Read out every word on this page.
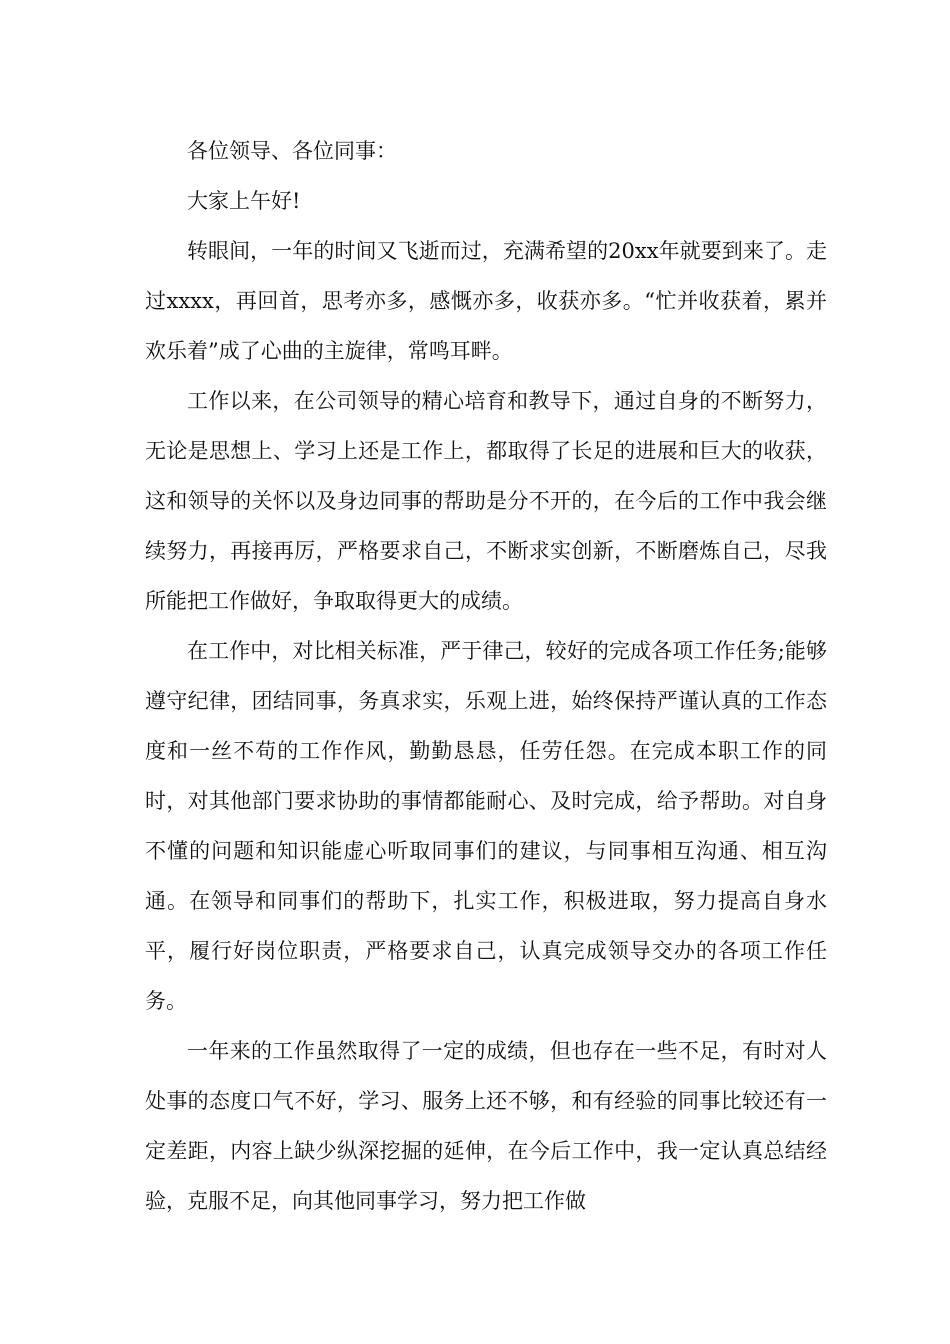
各位领导、各位同事：

大家上午好!

转眼间，一年的时间又飞逝而过，充满希望的20xx年就要到来了。走过xxxx，再回首，思考亦多，感慨亦多，收获亦多。“忙并收获着，累并欢乐着”成了心曲的主旋律，常鸣耳畔。

工作以来，在公司领导的精心培育和教导下，通过自身的不断努力，无论是思想上、学习上还是工作上，都取得了长足的进展和巨大的收获，这和领导的关怀以及身边同事的帮助是分不开的，在今后的工作中我会继续努力，再接再厉，严格要求自己，不断求实创新，不断磨炼自己，尽我所能把工作做好，争取取得更大的成绩。

在工作中，对比相关标准，严于律己，较好的完成各项工作任务;能够遵守纪律，团结同事，务真求实，乐观上进，始终保持严谨认真的工作态度和一丝不苟的工作作风，勤勤恳恳，任劳任怨。在完成本职工作的同时，对其他部门要求协助的事情都能耐心、及时完成，给予帮助。对自身不懂的问题和知识能虚心听取同事们的建议，与同事相互沟通、相互沟通。在领导和同事们的帮助下，扎实工作，积极进取，努力提高自身水平，履行好岗位职责，严格要求自己，认真完成领导交办的各项工作任务。

一年来的工作虽然取得了一定的成绩，但也存在一些不足，有时对人处事的态度口气不好，学习、服务上还不够，和有经验的同事比较还有一定差距，内容上缺少纵深挖掘的延伸，在今后工作中，我一定认真总结经验，克服不足，向其他同事学习，努力把工作做
